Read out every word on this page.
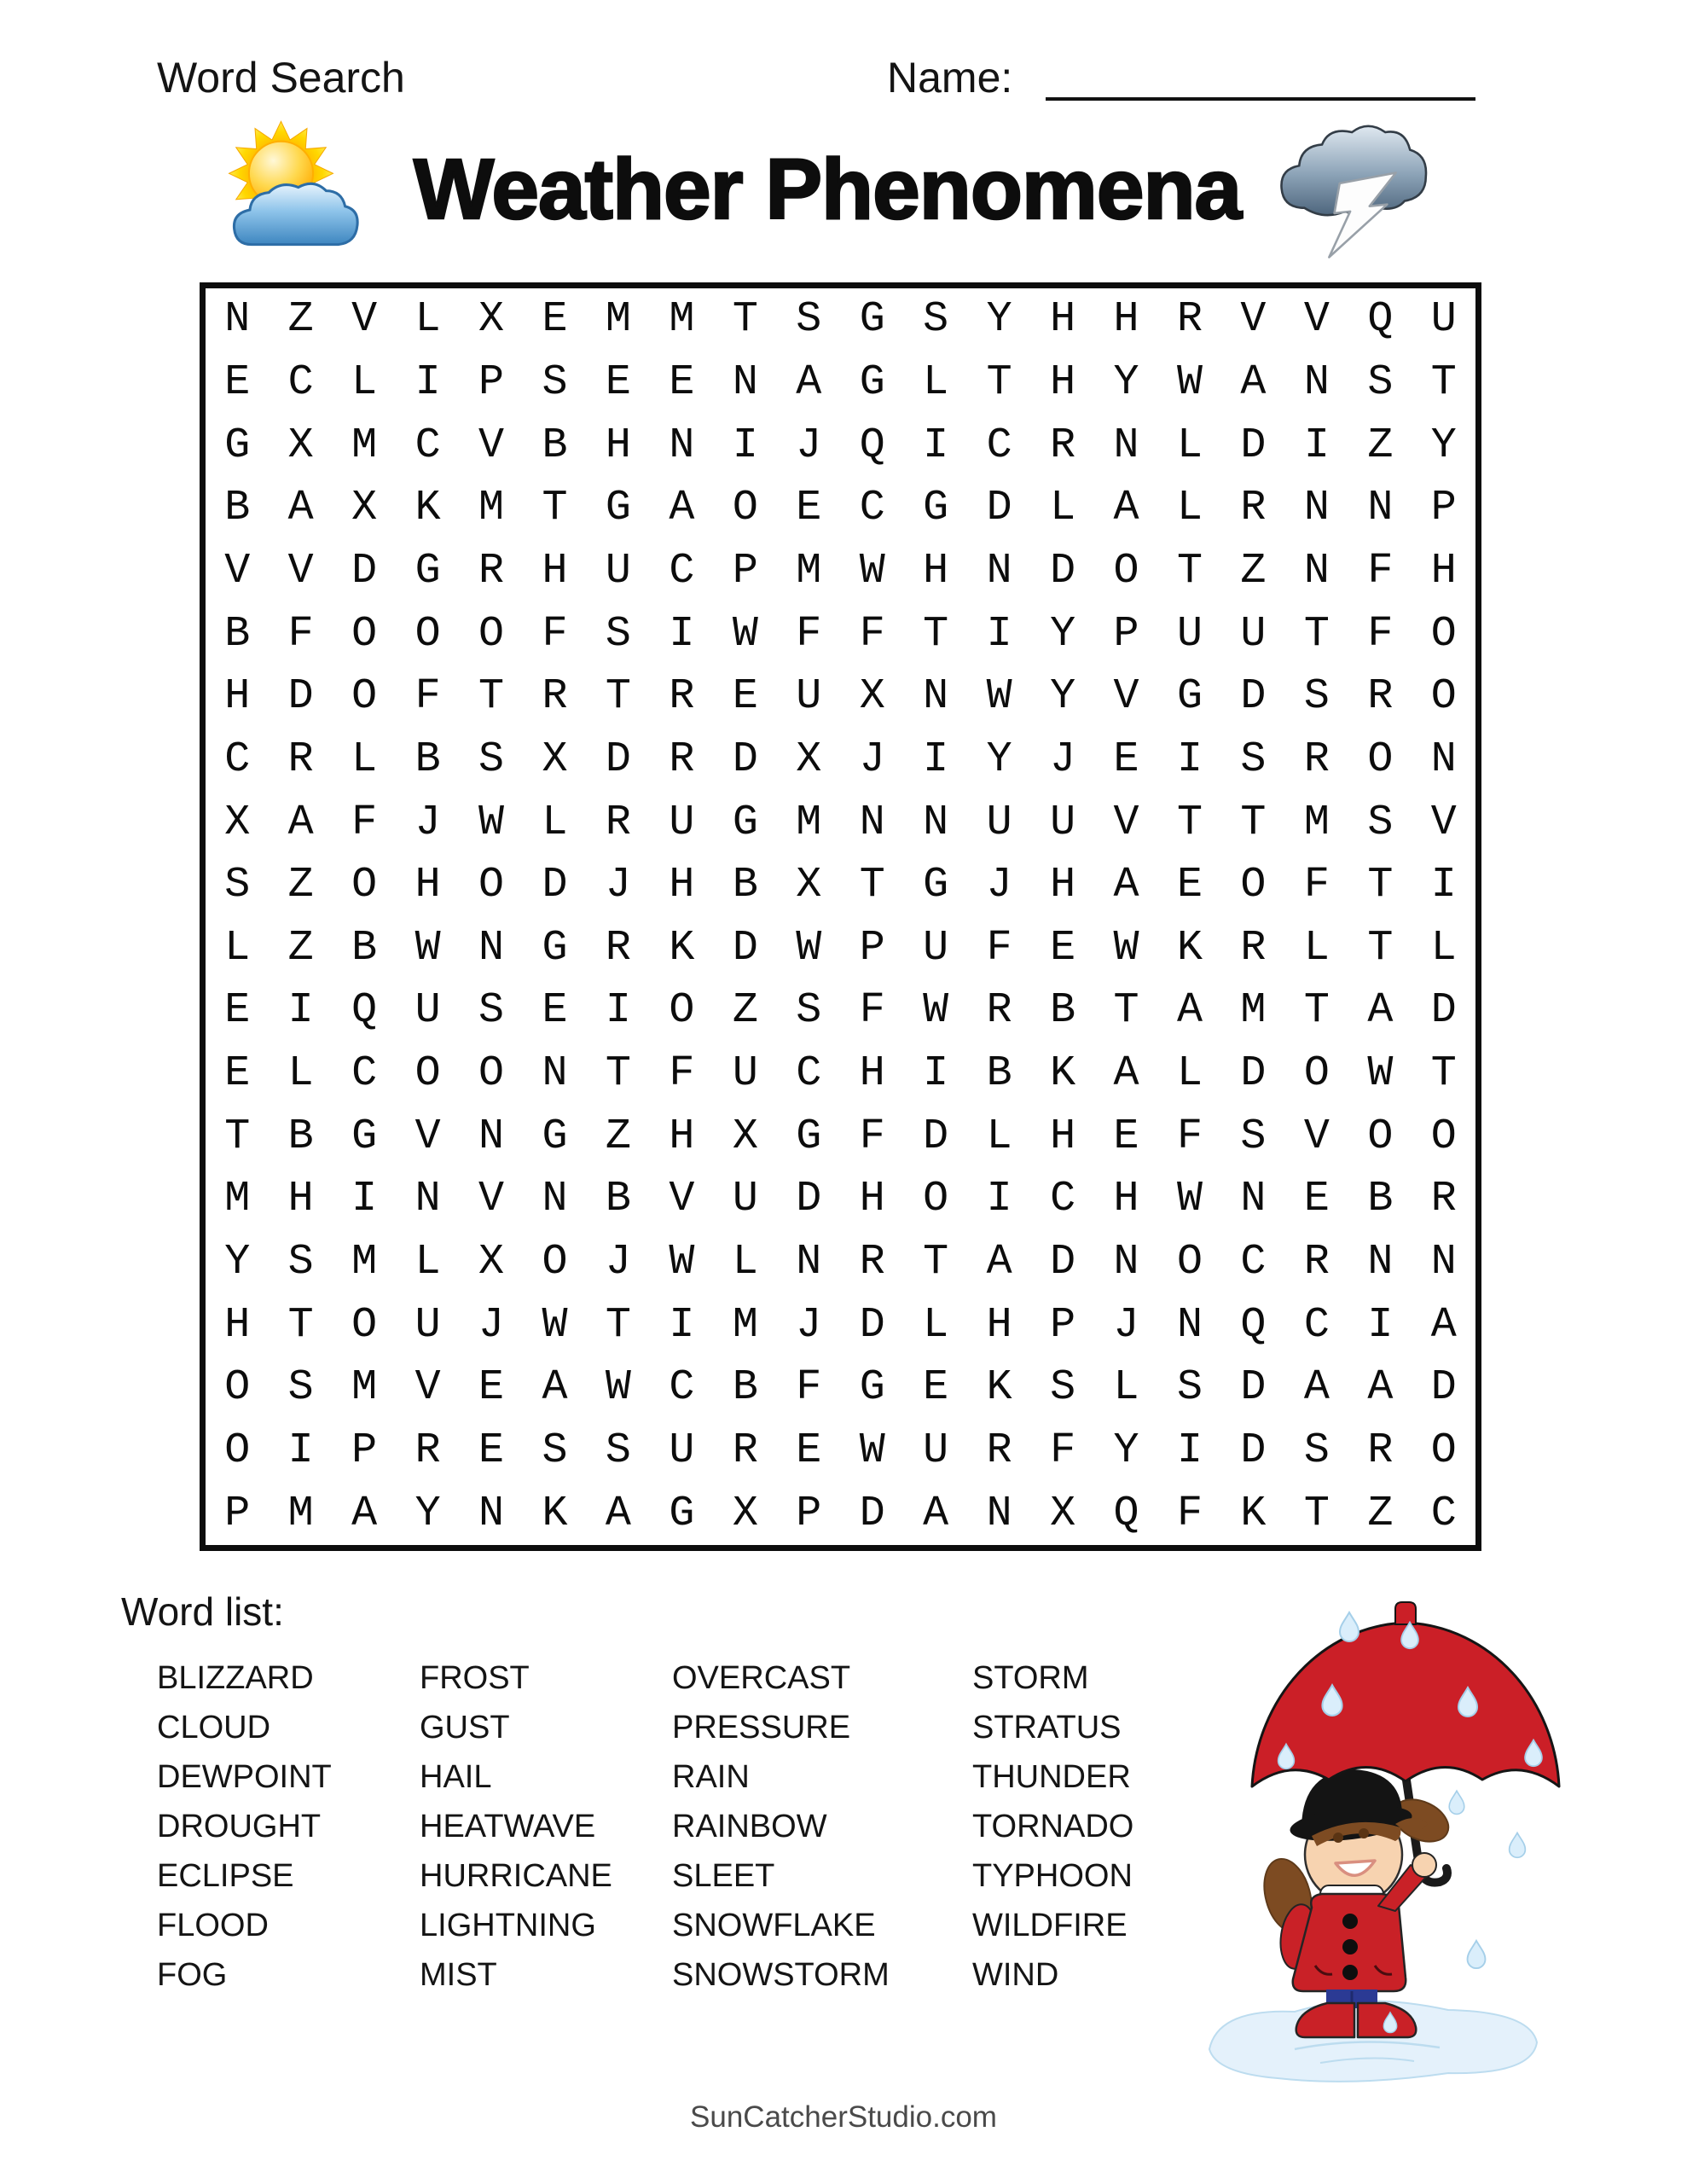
Word Search	Name:
Weather Phenomena
N Z V L X E M M T S G S Y H H R V V Q U
E C L I P S E E N A G L T H Y W A N S T
G X M C V B H N I J Q I C R N L D I Z Y
B A X K M T G A O E C G D L A L R N N P
V V D G R H U C P M W H N D O T Z N F H
B F O O O F S I W F F T I Y P U U T F O
H D O F T R T R E U X N W Y V G D S R O
C R L B S X D R D X J I Y J E I S R O N
X A F J W L R U G M N N U U V T T M S V
S Z O H O D J H B X T G J H A E O F T I
L Z B W N G R K D W P U F E W K R L T L
E I Q U S E I O Z S F W R B T A M T A D
E L C O O N T F U C H I B K A L D O W T
T B G V N G Z H X G F D L H E F S V O O
M H I N V N B V U D H O I C H W N E B R
Y S M L X O J W L N R T A D N O C R N N
H T O U J W T I M J D L H P J N Q C I A
O S M V E A W C B F G E K S L S D A A D
O I P R E S S U R E W U R F Y I D S R O
P M A Y N K A G X P D A N X Q F K T Z C
Word list:
BLIZZARD
CLOUD
DEWPOINT
DROUGHT
ECLIPSE
FLOOD
FOG
FROST
GUST
HAIL
HEATWAVE
HURRICANE
LIGHTNING
MIST
OVERCAST
PRESSURE
RAIN
RAINBOW
SLEET
SNOWFLAKE
SNOWSTORM
STORM
STRATUS
THUNDER
TORNADO
TYPHOON
WILDFIRE
WIND
SunCatcherStudio.com
